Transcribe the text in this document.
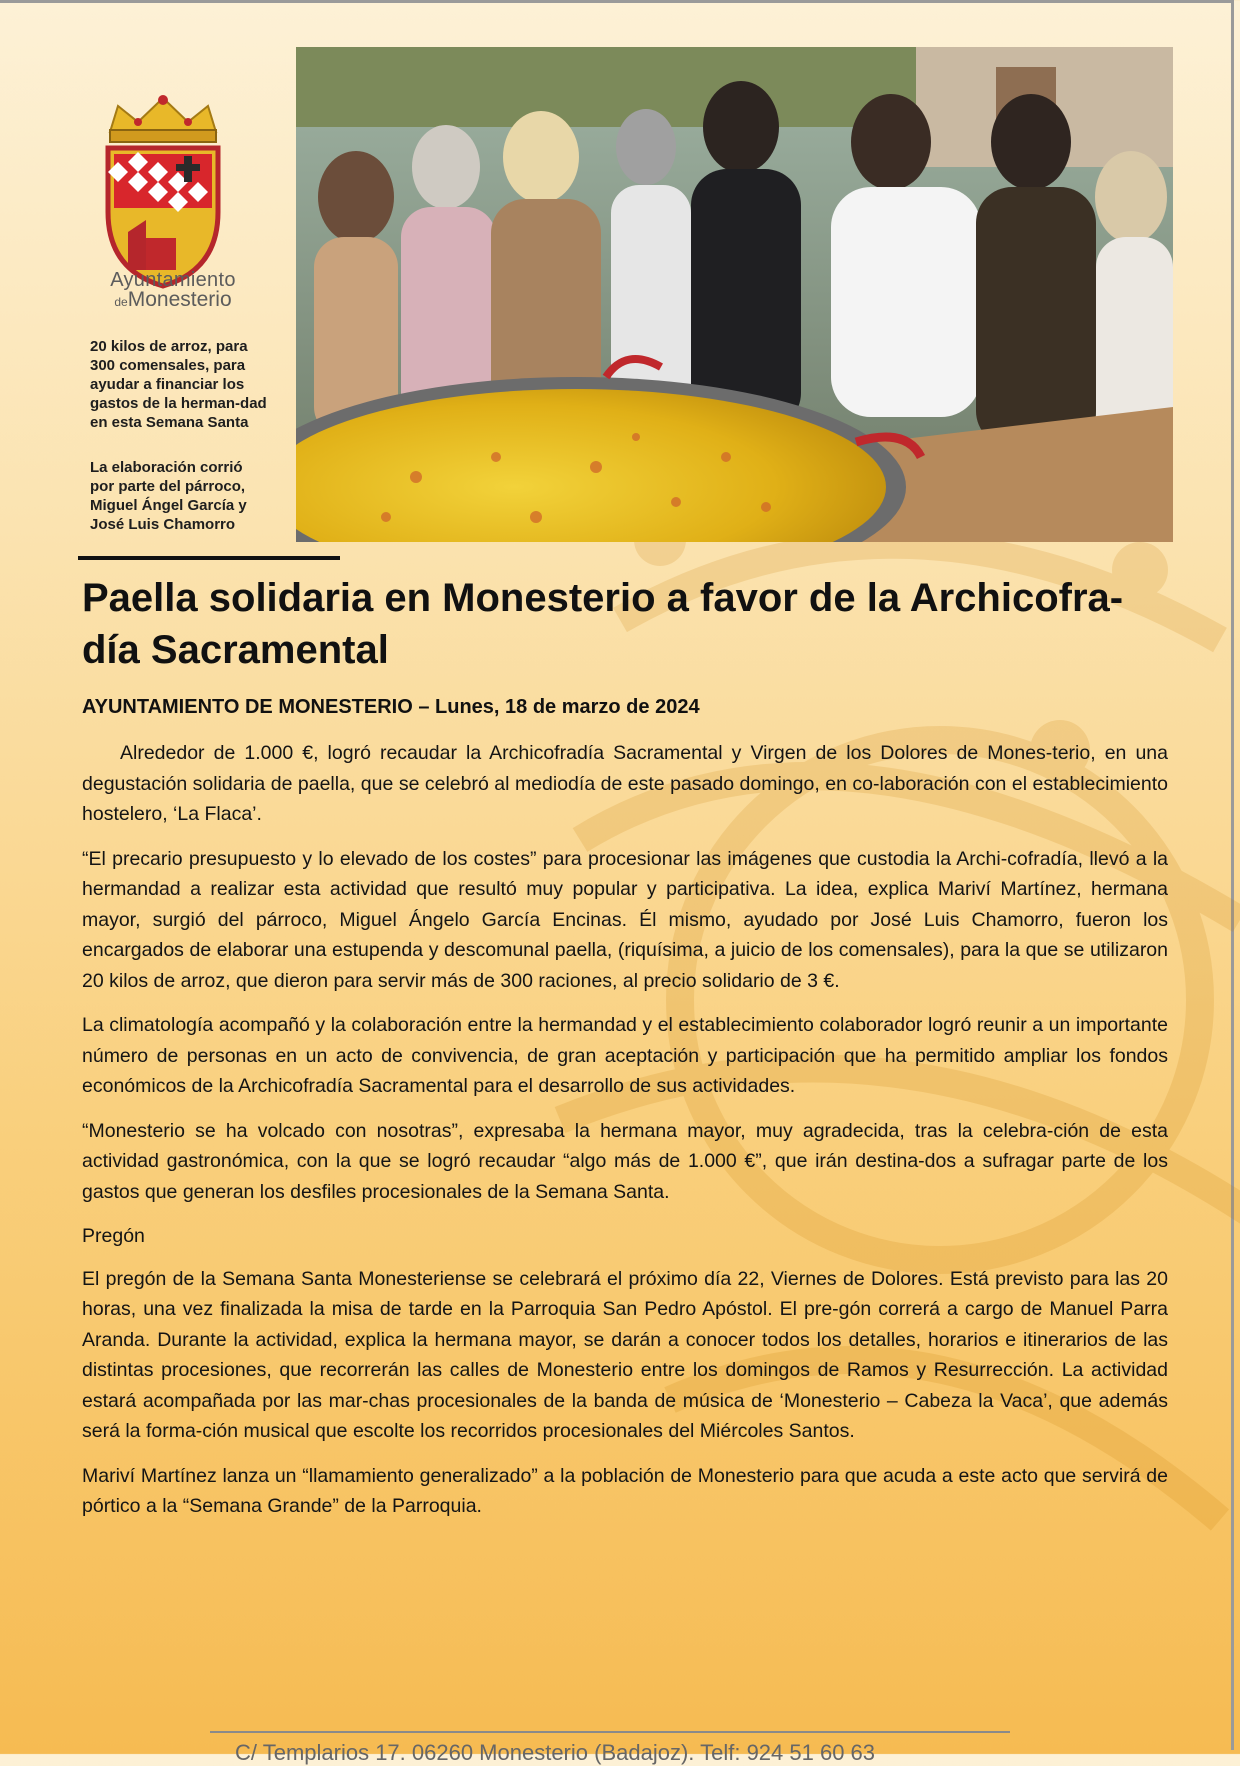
Ayuntamiento
deMonesterio

20 kilos de arroz, para 300 comensales, para ayudar a financiar los gastos de la herman-dad en esta Semana Santa

La elaboración corrió por parte del párroco, Miguel Ángel García y José Luis Chamorro

Paella solidaria en Monesterio a favor de la Archicofra-día Sacramental

AYUNTAMIENTO DE MONESTERIO – Lunes, 18 de marzo de 2024

Alrededor de 1.000 €, logró recaudar la Archicofradía Sacramental y Virgen de los Dolores de Mones-terio, en una degustación solidaria de paella, que se celebró al mediodía de este pasado domingo, en co-laboración con el establecimiento hostelero, ‘La Flaca’.

“El precario presupuesto y lo elevado de los costes” para procesionar las imágenes que custodia la Archi-cofradía, llevó a la hermandad a realizar esta actividad que resultó muy popular y participativa. La idea, explica Mariví Martínez, hermana mayor, surgió del párroco, Miguel Ángelo García Encinas. Él mismo, ayudado por José Luis Chamorro, fueron los encargados de elaborar una estupenda y descomunal paella, (riquísima, a juicio de los comensales), para la que se utilizaron 20 kilos de arroz, que dieron para servir más de 300 raciones, al precio solidario de 3 €.

La climatología acompañó y la colaboración entre la hermandad y el establecimiento colaborador logró reunir a un importante número de personas en un acto de convivencia, de gran aceptación y participación que ha permitido ampliar los fondos económicos de la Archicofradía Sacramental para el desarrollo de sus actividades.

“Monesterio se ha volcado con nosotras”, expresaba la hermana mayor, muy agradecida, tras la celebra-ción de esta actividad gastronómica, con la que se logró recaudar “algo más de 1.000 €”, que irán destina-dos a sufragar parte de los gastos que generan los desfiles procesionales de la Semana Santa.

Pregón

El pregón de la Semana Santa Monesteriense se celebrará el próximo día 22, Viernes de Dolores. Está previsto para las 20 horas, una vez finalizada la misa de tarde en la Parroquia San Pedro Apóstol. El pre-gón correrá a cargo de Manuel Parra Aranda. Durante la actividad, explica la hermana mayor, se darán a conocer todos los detalles, horarios e itinerarios de las distintas procesiones, que recorrerán las calles de Monesterio entre los domingos de Ramos y Resurrección. La actividad estará acompañada por las mar-chas procesionales de la banda de música de ‘Monesterio – Cabeza la Vaca’, que además será la forma-ción musical que escolte los recorridos procesionales del Miércoles Santos.

Mariví Martínez lanza un “llamamiento generalizado” a la población de Monesterio para que acuda a este acto que servirá de pórtico a la “Semana Grande” de la Parroquia.

C/ Templarios 17. 06260 Monesterio (Badajoz). Telf: 924 51 60 63
